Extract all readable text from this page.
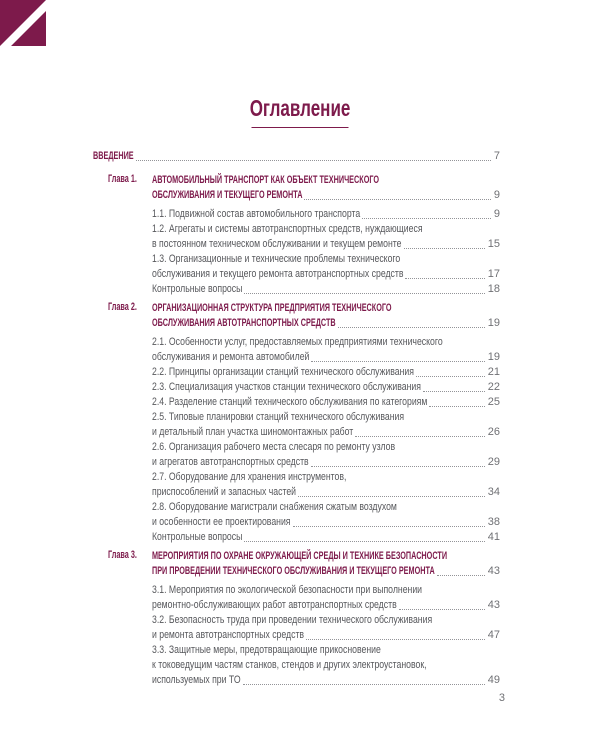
Оглавление
ВВЕДЕНИЕ	7
Глава 1.	АВТОМОБИЛЬНЫЙ ТРАНСПОРТ КАК ОБЪЕКТ ТЕХНИЧЕСКОГО
ОБСЛУЖИВАНИЯ И ТЕКУЩЕГО РЕМОНТА	9
1.1. Подвижной состав автомобильного транспорта	9
1.2. Агрегаты и системы автотранспортных средств, нуждающиеся
в постоянном техническом обслуживании и текущем ремонте	15
1.3. Организационные и технические проблемы технического
обслуживания и текущего ремонта автотранспортных средств	17
Контрольные вопросы	18
Глава 2.	ОРГАНИЗАЦИОННАЯ СТРУКТУРА ПРЕДПРИЯТИЯ ТЕХНИЧЕСКОГО
ОБСЛУЖИВАНИЯ АВТОТРАНСПОРТНЫХ СРЕДСТВ	19
2.1. Особенности услуг, предоставляемых предприятиями технического
обслуживания и ремонта автомобилей	19
2.2. Принципы организации станций технического обслуживания	21
2.3. Специализация участков станции технического обслуживания	22
2.4. Разделение станций технического обслуживания по категориям	25
2.5. Типовые планировки станций технического обслуживания
и детальный план участка шиномонтажных работ	26
2.6. Организация рабочего места слесаря по ремонту узлов
и агрегатов автотранспортных средств	29
2.7. Оборудование для хранения инструментов,
приспособлений и запасных частей	34
2.8. Оборудование магистрали снабжения сжатым воздухом
и особенности ее проектирования	38
Контрольные вопросы	41
Глава 3.	МЕРОПРИЯТИЯ ПО ОХРАНЕ ОКРУЖАЮЩЕЙ СРЕДЫ И ТЕХНИКЕ БЕЗОПАСНОСТИ
ПРИ ПРОВЕДЕНИИ ТЕХНИЧЕСКОГО ОБСЛУЖИВАНИЯ И ТЕКУЩЕГО РЕМОНТА	43
3.1. Мероприятия по экологической безопасности при выполнении
ремонтно-обслуживающих работ автотранспортных средств	43
3.2. Безопасность труда при проведении технического обслуживания
и ремонта автотранспортных средств	47
3.3. Защитные меры, предотвращающие прикосновение
к токоведущим частям станков, стендов и других электроустановок,
используемых при ТО	49
3
